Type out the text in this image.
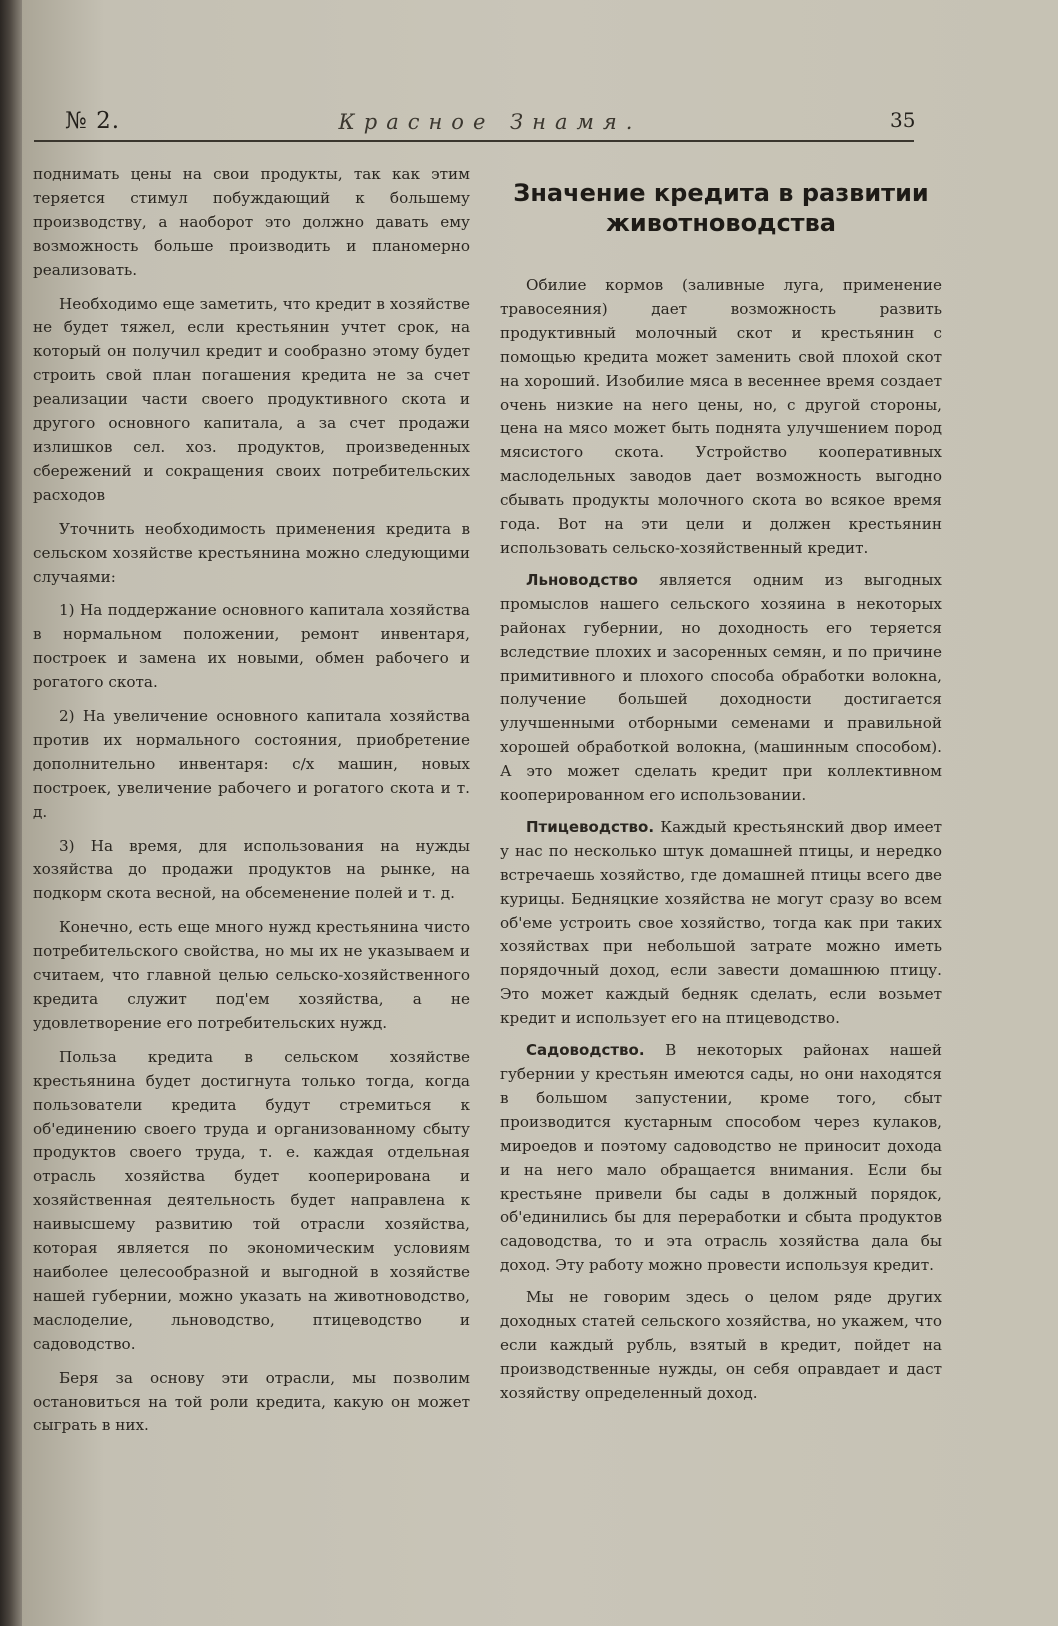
№ 2.	Красное Знамя.	35

поднимать цены на свои продукты, так как этим теряется стимул побуждающий к большему производству, а наоборот это должно давать ему возможность больше производить и планомерно реализовать.

Необходимо еще заметить, что кредит в хозяйстве не будет тяжел, если крестьянин учтет срок, на который он получил кредит и сообразно этому будет строить свой план погашения кредита не за счет реализации части своего продуктивного скота и другого основного капитала, а за счет продажи излишков сел. хоз. продуктов, произведенных сбережений и сокращения своих потребительских расходов

Уточнить необходимость применения кредита в сельском хозяйстве крестьянина можно следующими случаями:

1) На поддержание основного капитала хозяйства в нормальном положении, ремонт инвентаря, построек и замена их новыми, обмен рабочего и рогатого скота.

2) На увеличение основного капитала хозяйства против их нормального состояния, приобретение дополнительно инвентаря: с/х машин, новых построек, увеличение рабочего и рогатого скота и т. д.

3) На время, для использования на нужды хозяйства до продажи продуктов на рынке, на подкорм скота весной, на обсеменение полей и т. д.

Конечно, есть еще много нужд крестьянина чисто потребительского свойства, но мы их не указываем и считаем, что главной целью сельско-хозяйственного кредита служит под'ем хозяйства, а не удовлетворение его потребительских нужд.

Польза кредита в сельском хозяйстве крестьянина будет достигнута только тогда, когда пользователи кредита будут стремиться к об'единению своего труда и организованному сбыту продуктов своего труда, т. е. каждая отдельная отрасль хозяйства будет кооперирована и хозяйственная деятельность будет направлена к наивысшему развитию той отрасли хозяйства, которая является по экономическим условиям наиболее целесообразной и выгодной в хозяйстве нашей губернии, можно указать на животноводство, маслоделие, льноводство, птицеводство и садоводство.

Беря за основу эти отрасли, мы позволим остановиться на той роли кредита, какую он может сыграть в них.

Значение кредита в развитии животноводства

Обилие кормов (заливные луга, применение травосеяния) дает возможность развить продуктивный молочный скот и крестьянин с помощью кредита может заменить свой плохой скот на хороший. Изобилие мяса в весеннее время создает очень низкие на него цены, но, с другой стороны, цена на мясо может быть поднята улучшением пород мясистого скота. Устройство кооперативных маслодельных заводов дает возможность выгодно сбывать продукты молочного скота во всякое время года. Вот на эти цели и должен крестьянин использовать сельско-хозяйственный кредит.

Льноводство является одним из выгодных промыслов нашего сельского хозяина в некоторых районах губернии, но доходность его теряется вследствие плохих и засоренных семян, и по причине примитивного и плохого способа обработки волокна, получение большей доходности достигается улучшенными отборными семенами и правильной хорошей обработкой волокна, (машинным способом). А это может сделать кредит при коллективном кооперированном его использовании.

Птицеводство. Каждый крестьянский двор имеет у нас по несколько штук домашней птицы, и нередко встречаешь хозяйство, где домашней птицы всего две курицы. Бедняцкие хозяйства не могут сразу во всем об'еме устроить свое хозяйство, тогда как при таких хозяйствах при небольшой затрате можно иметь порядочный доход, если завести домашнюю птицу. Это может каждый бедняк сделать, если возьмет кредит и использует его на птицеводство.

Садоводство. В некоторых районах нашей губернии у крестьян имеются сады, но они находятся в большом запустении, кроме того, сбыт производится кустарным способом через кулаков, мироедов и поэтому садоводство не приносит дохода и на него мало обращается внимания. Если бы крестьяне привели бы сады в должный порядок, об'единились бы для переработки и сбыта продуктов садоводства, то и эта отрасль хозяйства дала бы доход. Эту работу можно провести используя кредит.

Мы не говорим здесь о целом ряде других доходных статей сельского хозяйства, но укажем, что если каждый рубль, взятый в кредит, пойдет на производственные нужды, он себя оправдает и даст хозяйству определенный доход.
